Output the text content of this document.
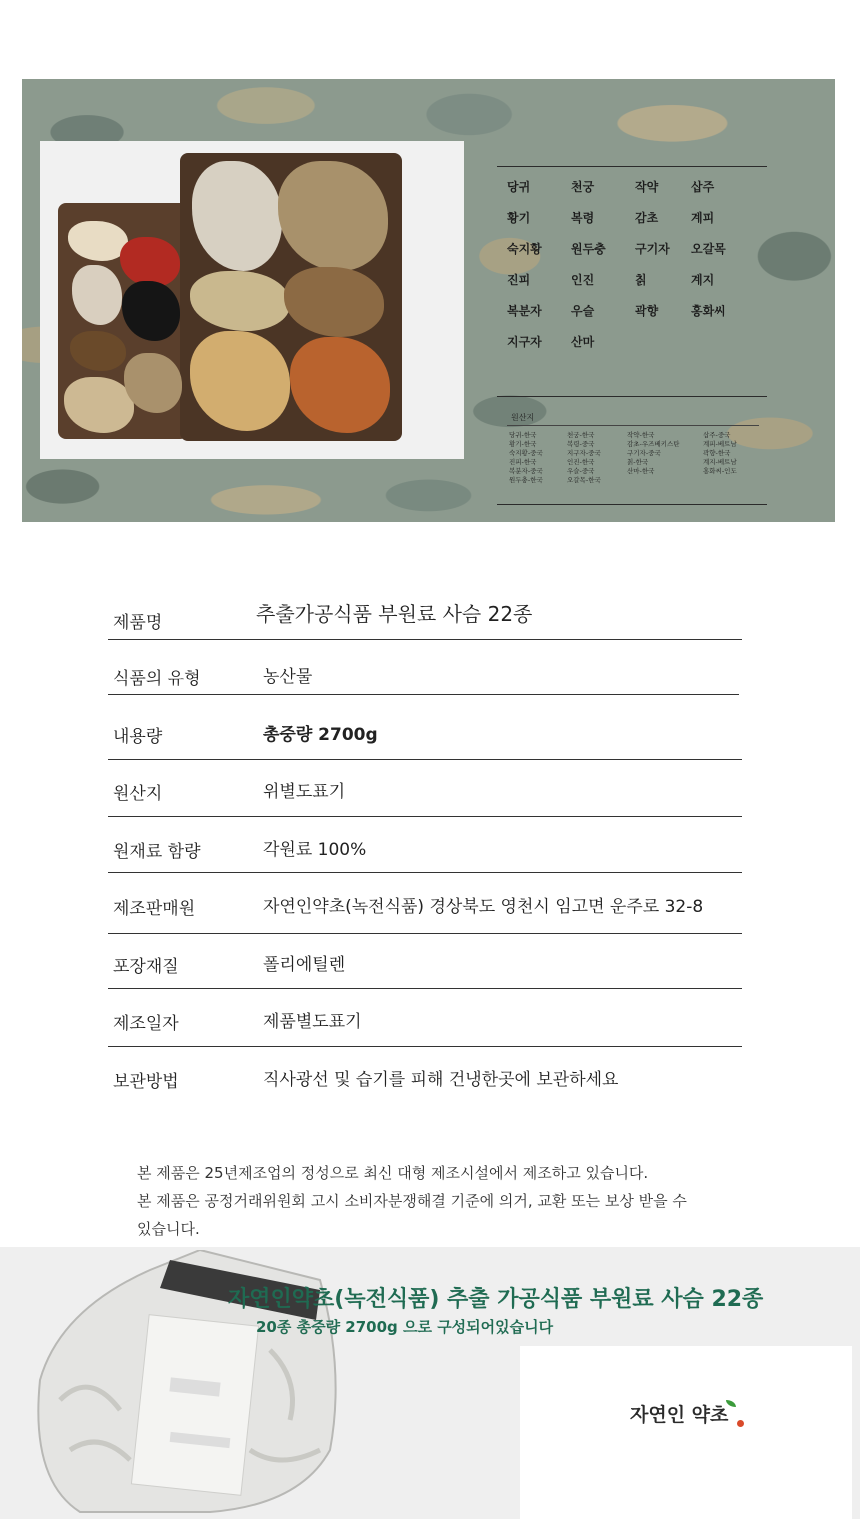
당귀	천궁	작약	삽주
황기	복령	감초	계피
숙지황	원두충	구기자	오갈목
진피	인진	칡	계지
복분자	우슬	곽향	홍화씨
지구자	산마
원산지
당귀-한국	천궁-한국	작약-한국	삽주-중국
황기-한국	복령-중국	감초-우즈베키스탄	계피-베트남
숙지황-중국	지구자-중국	구기자-중국	곽향-한국
진피-한국	인진-한국	칡-한국	계지-베트남
복분자-중국	우슬-중국	산마-한국	홍화씨-인도
원두충-한국	오갈목-한국
제품명	추출가공식품 부원료 사슴 22종
식품의 유형	농산물
내용량	총중량 2700g
원산지	위별도표기
원재료 함량	각원료 100%
제조판매원	자연인약초(녹전식품) 경상북도 영천시 임고면 운주로 32-8
포장재질	폴리에틸렌
제조일자	제품별도표기
보관방법	직사광선 및 습기를 피해 건냉한곳에 보관하세요
본 제품은 25년제조업의 정성으로 최신 대형 제조시설에서 제조하고 있습니다.
본 제품은 공정거래위원회 고시 소비자분쟁해결 기준에 의거, 교환 또는 보상 받을 수
있습니다.
자연인약초(녹전식품) 추출 가공식품 부원료 사슴 22종
20종 총중량 2700g 으로 구성되어있습니다
자연인 약초
